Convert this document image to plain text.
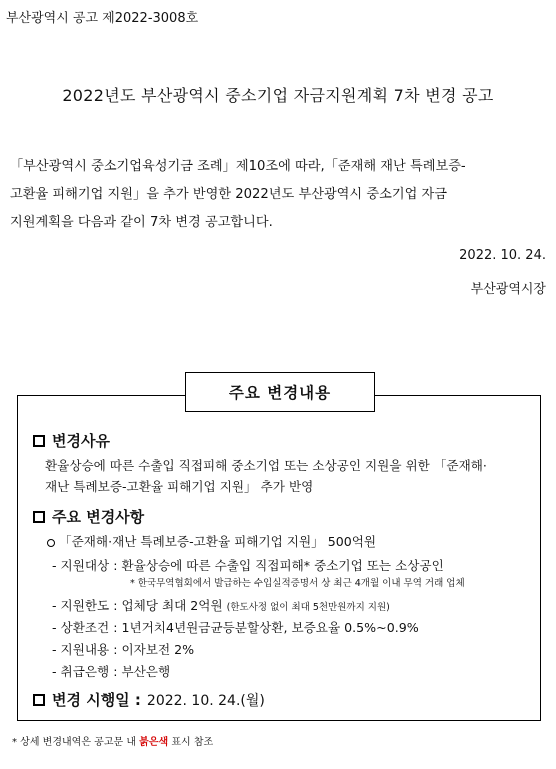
부산광역시 공고 제2022-3008호
2022년도 부산광역시 중소기업 자금지원계획 7차 변경 공고
「부산광역시 중소기업육성기금 조례」제10조에 따라,「준재해 재난 특례보증-
고환율 피해기업 지원」을 추가 반영한 2022년도 부산광역시 중소기업 자금
지원계획을 다음과 같이 7차 변경 공고합니다.
2022. 10. 24.
부산광역시장
주요 변경내용
변경사유
환율상승에 따른 수출입 직접피해 중소기업 또는 소상공인 지원을 위한 「준재해·
재난 특례보증-고환율 피해기업 지원」 추가 반영
주요 변경사항
「준재해·재난 특례보증-고환율 피해기업 지원」 500억원
- 지원대상 : 환율상승에 따른 수출입 직접피해* 중소기업 또는 소상공인
* 한국무역협회에서 발급하는 수입실적증명서 상 최근 4개월 이내 무역 거래 업체
- 지원한도 : 업체당 최대 2억원 (한도사정 없이 최대 5천만원까지 지원)
- 상환조건 : 1년거치4년원금균등분할상환, 보증요율 0.5%~0.9%
- 지원내용 : 이자보전 2%
- 취급은행 : 부산은행
변경 시행일 : 2022. 10. 24.(월)
* 상세 변경내역은 공고문 내 붉은색 표시 참조
